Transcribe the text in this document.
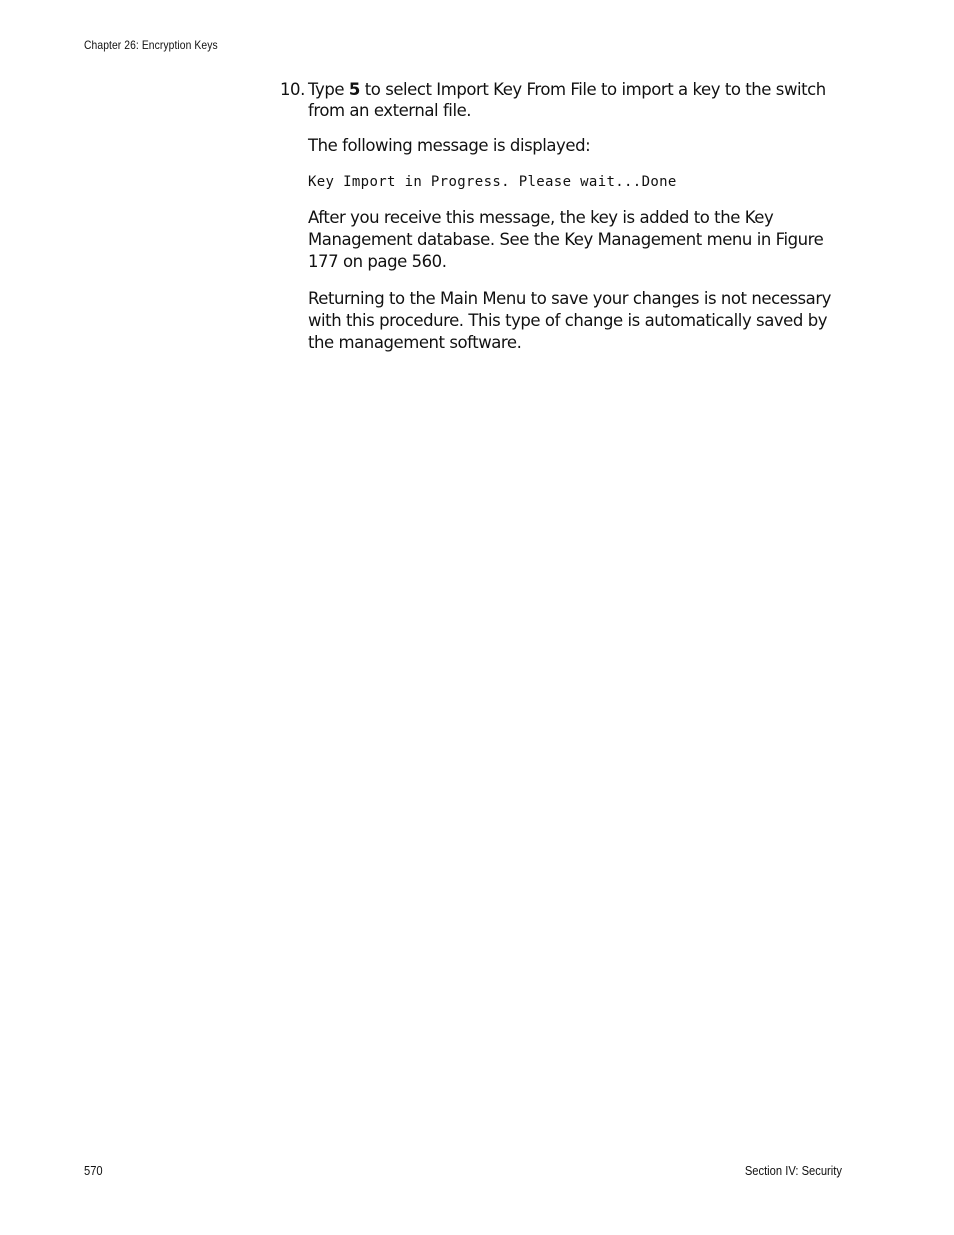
Chapter 26: Encryption Keys
10. Type 5 to select Import Key From File to import a key to the switch from an external file.
The following message is displayed:
Key Import in Progress. Please wait...Done
After you receive this message, the key is added to the Key Management database. See the Key Management menu in Figure 177 on page 560.
Returning to the Main Menu to save your changes is not necessary with this procedure. This type of change is automatically saved by the management software.
570	Section IV: Security
